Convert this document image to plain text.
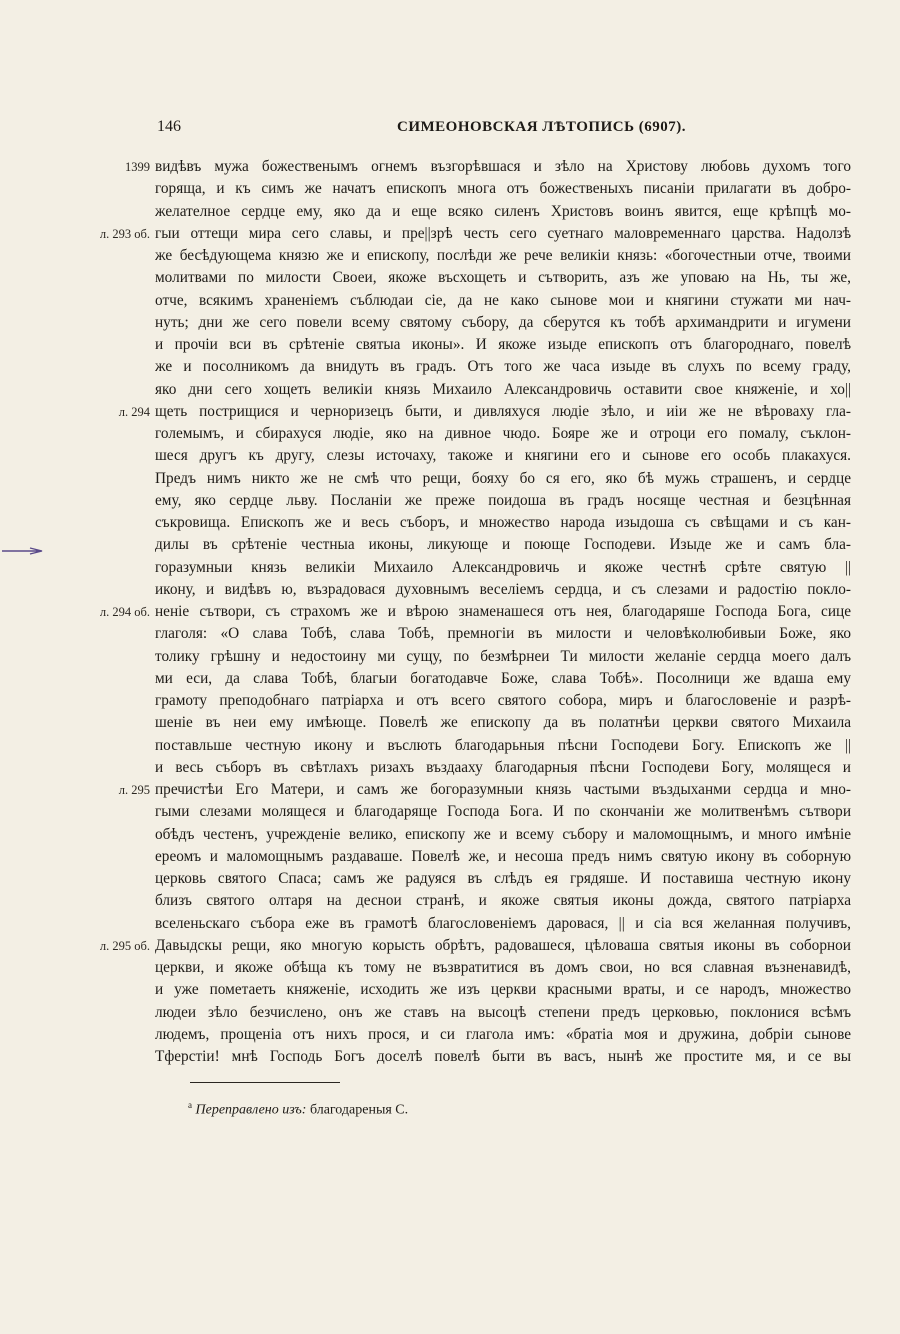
146	СИМЕОНОВСКАЯ ЛѢТОПИСЬ (6907).
видѣвъ мужа божественымъ огнемъ възгорѣвшася и зѣло на Христову любовь духомъ того
горяща, и къ симъ же начатъ епископъ многа отъ божественыхъ писанiи прилагати въ добро-
желателное сердце ему, яко да и еще всяко силенъ Христовъ воинъ явится, еще крѣпцѣ мо-
гыи оттещи мира сего славы, и пре||зрѣ честь сего суетнаго маловременнаго царства. Надолзѣ
же бесѣдующема князю же и епископу, послѣди же рече великiи князь: «богочестныи отче, твоими
молитвами по милости Своеи, якоже въсхощеть и сътворить, азъ же уповаю на Нь, ты же,
отче, всякимъ храненiемъ съблюдаи сiе, да не како сынове мои и княгини стужати ми нач-
нуть; дни же сего повели всему святому събору, да сберутся къ тобѣ архимандрити и игумени
и прочiи вси въ срѣтенiе святыа иконы». И якоже изыде епископъ отъ благороднаго, повелѣ
же и посолникомъ да внидуть въ градъ. Отъ того же часа изыде въ слухъ по всему граду,
яко дни сего хощеть великiи князь Михаило Александровичь оставити свое княженiе, и хо||
щеть пострищися и черноризецъ быти, и дивляхуся людiе зѣло, и иiи же не вѣроваху гла-
големымъ, и сбирахуся людiе, яко на дивное чюдо. Бояре же и отроци его помалу, съклон-
шеся другъ къ другу, слезы источаху, такоже и княгини его и сынове его особь плакахуся.
Предъ нимъ никто же не смѣ что рещи, бояху бо ся его, яко бѣ мужь страшенъ, и сердце
ему, яко сердце льву. Посланiи же преже поидоша въ градъ носяще честная и безцѣнная
съкровища. Епископъ же и весь съборъ, и множество народа изыдоша съ свѣщами и съ кан-
дилы въ срѣтенiе честныа иконы, ликующе и поюще Господеви. Изыде же и самъ бла-
горазумныи князь великiи Михаило Александровичь и якоже честнѣ срѣте святую ||
икону, и видѣвъ ю, възрадовася духовнымъ веселiемъ сердца, и съ слезами и радостiю покло-
ненiе сътвори, съ страхомъ же и вѣрою знаменашеся отъ нея, благодаряше Господа Бога, сице
глаголя: «О слава Тобѣ, слава Тобѣ, премногiи въ милости и человѣколюбивыи Боже, яко
толику грѣшну и недостоину ми сущу, по безмѣрнеи Ти милости желанiе сердца моего далъ
ми еси, да слава Тобѣ, благыи богатодавче Боже, слава Тобѣ». Посолници же вдаша ему
грамоту преподобнаго патрiарха и отъ всего святого собора, миръ и благословенiе и разрѣ-
шенiе въ неи ему имѣюще. Повелѣ же епископу да въ полатнѣи церкви святого Михаила
поставльше честную икону и въслють благодарьныя пѣсни Господеви Богу. Епископъ же ||
и весь съборъ въ свѣтлахъ ризахъ въздааху благодарныя пѣсни Господеви Богу, молящеся и
пречистѣи Его Матери, и самъ же богоразумныи князь частыми въздыханми сердца и мно-
гыми слезами молящеся и благодаряще Господа Бога. И по скончанiи же молитвенѣмъ сътвори
обѣдъ честенъ, учрежденiе велико, епископу же и всему събору и маломощнымъ, и много имѣнiе
ереомъ и маломощнымъ раздаваше. Повелѣ же, и несоша предъ нимъ святую икону въ соборную
церковь святого Спаса; самъ же радуяся въ слѣдъ ея грядяше. И поставиша честную икону
близъ святого олтаря на деснои странѣ, и якоже святыя иконы дождa, святого патрiарха
вселеньскаго събора еже въ грамотѣ благословенiемъ даровася, || и сiа вся желанная получивъ,
Давыдскы рещи, яко многую корысть обрѣтъ, радовашеся, цѣловаша святыя иконы въ соборнои
церкви, и якоже обѣща къ тому не възвратитися въ домъ свои, но вся славная възненавидѣ,
и уже пометаеть княженiе, исходить же изъ церкви красными враты, и се народъ, множество
людеи зѣло безчислено, онъ же ставъ на высоцѣ степени предъ церковью, поклонися всѣмъ
людемъ, прощенiа отъ нихъ прося, и си глагола имъ: «братiа моя и дружина, добрiи сынове
Тферстiи! мнѣ Господь Богъ доселѣ повелѣ быти въ васъ, нынѣ же простите мя, и се вы
1399
л. 293 об.
л. 294
л. 294 об.
л. 295
л. 295 об.
$^a$ Переправлено изъ: благодареныя С.
